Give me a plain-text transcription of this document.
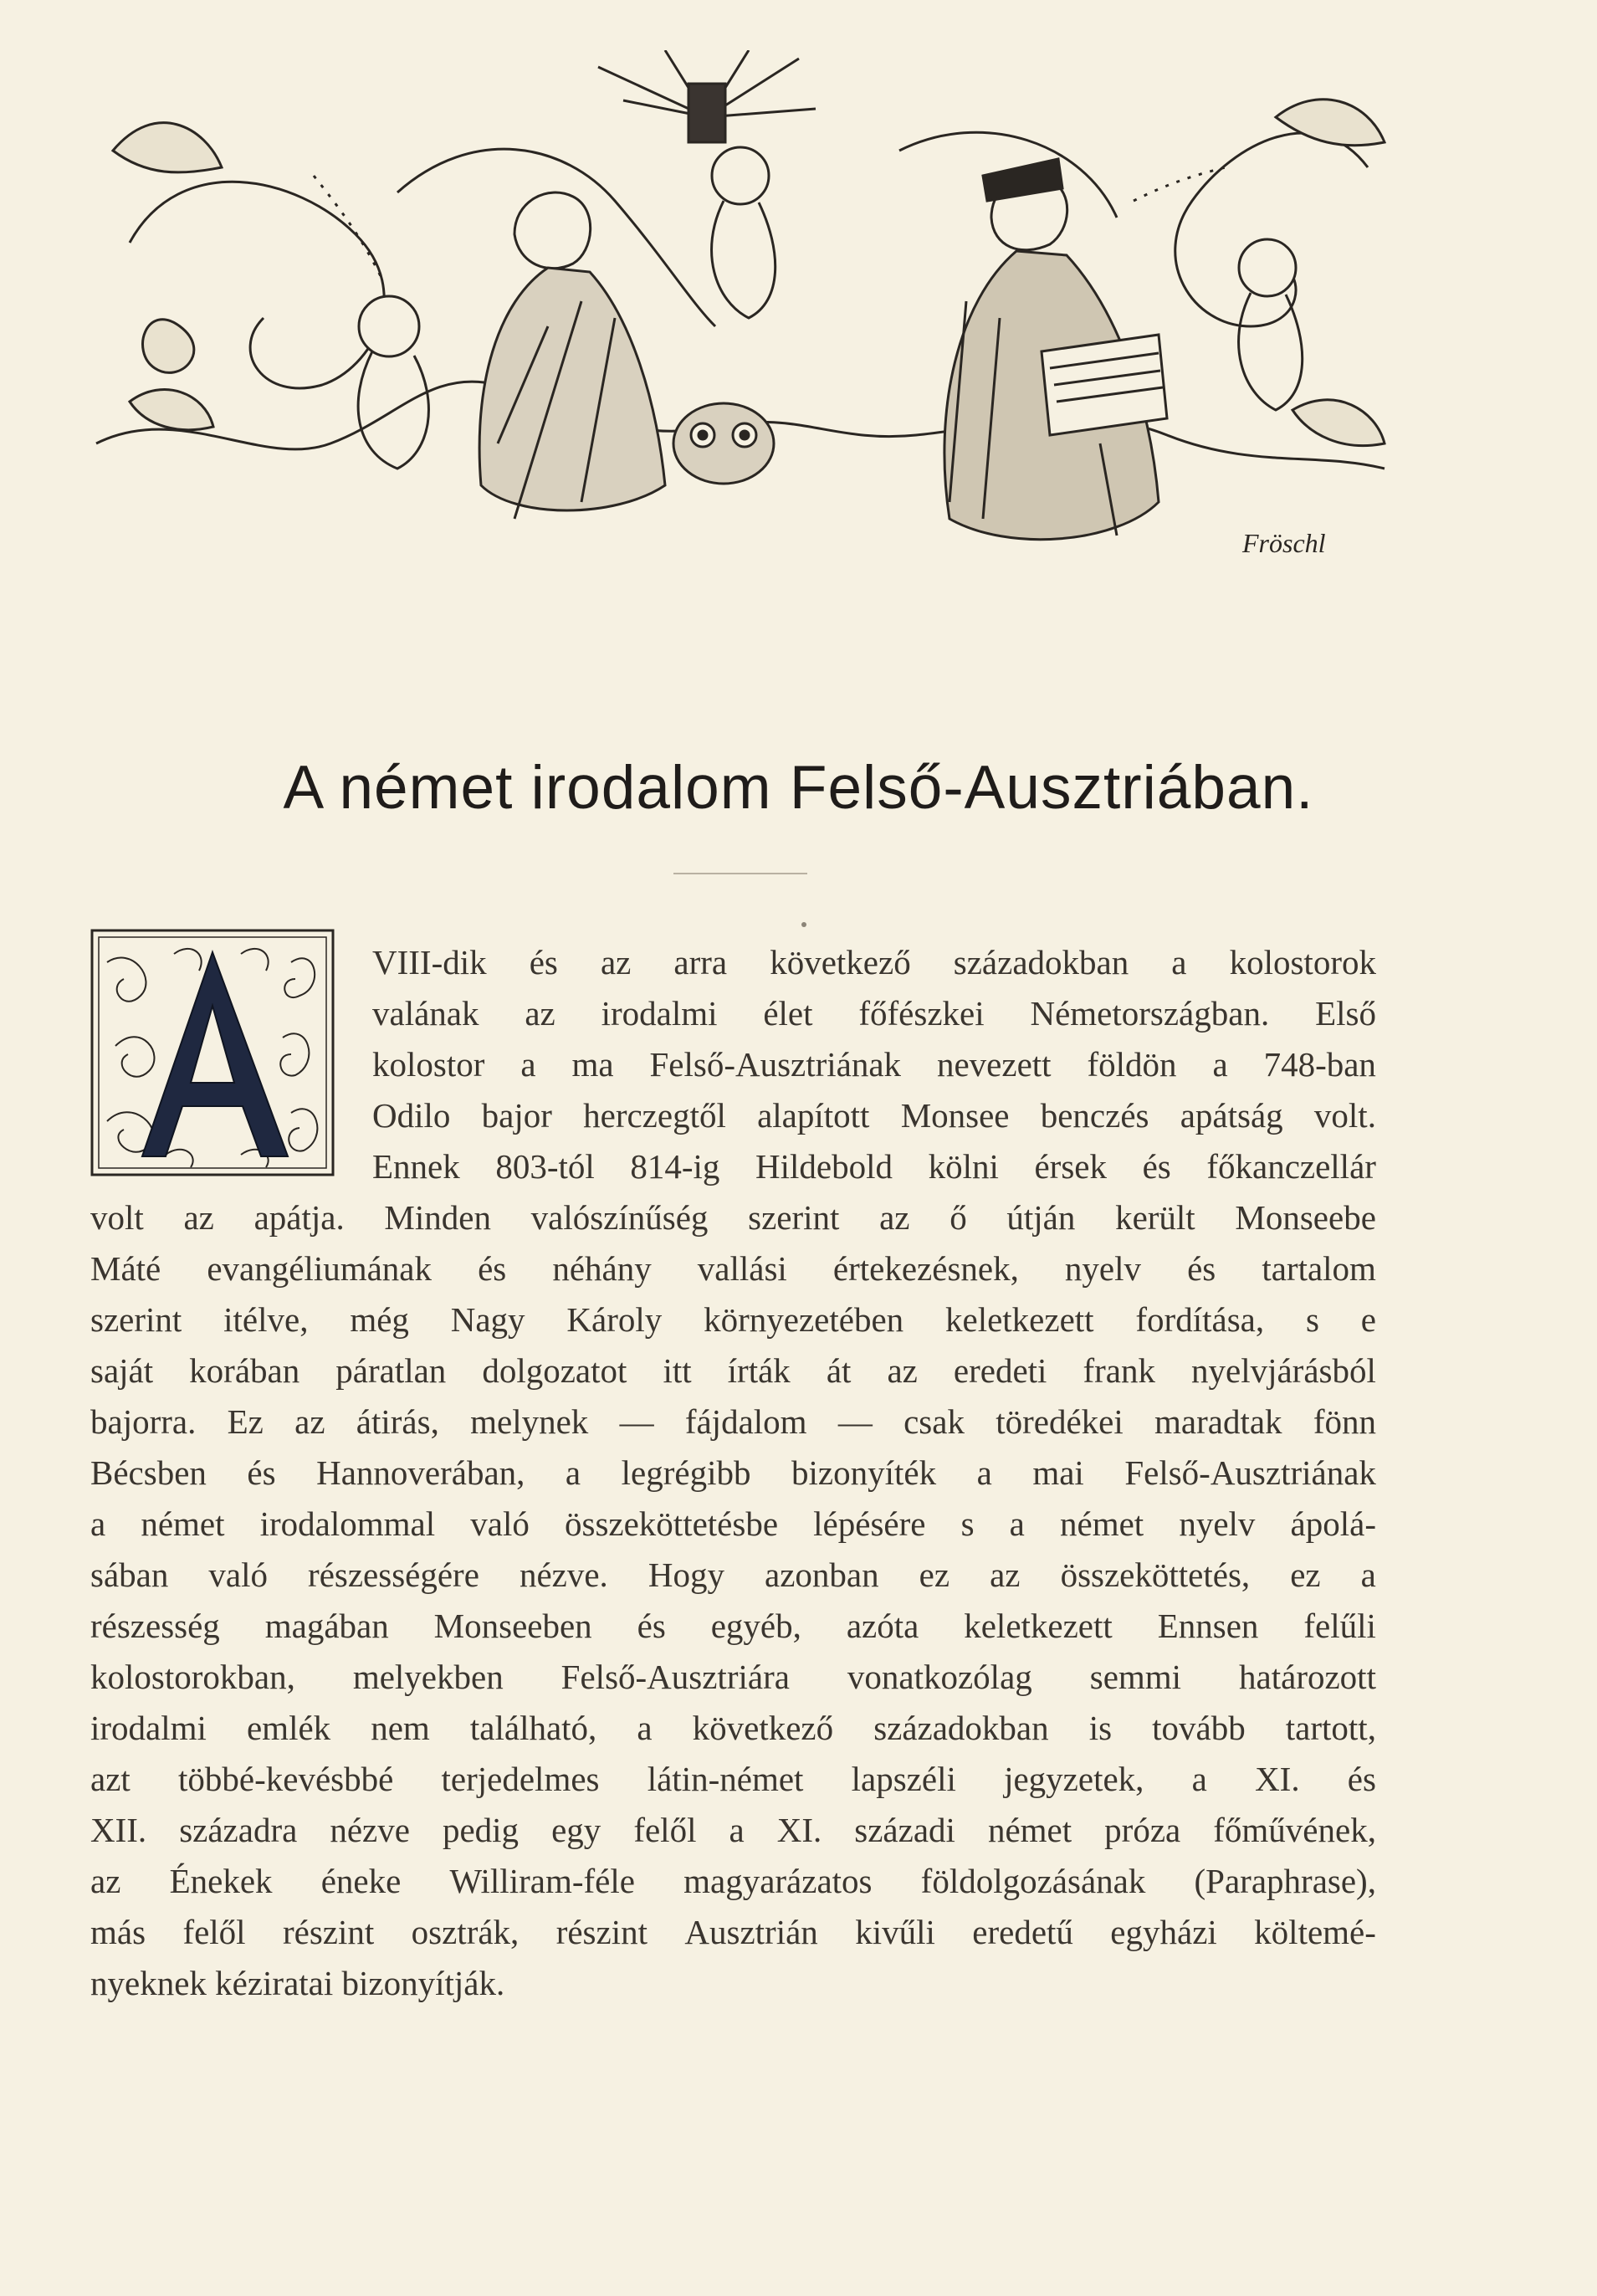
Fröschl
A német irodalom Felső-Ausztriában.
A
VIII-dik és az arra következő századokban a kolostorok
valának az irodalmi élet főfészkei Németországban. Első
kolostor a ma Felső-Ausztriának nevezett földön a 748-ban
Odilo bajor herczegtől alapított Monsee benczés apátság volt.
Ennek 803-tól 814-ig Hildebold kölni érsek és főkanczellár
volt az apátja. Minden valószínűség szerint az ő útján került Monseebe
Máté evangéliumának és néhány vallási értekezésnek, nyelv és tartalom
szerint itélve, még Nagy Károly környezetében keletkezett fordítása, s e
saját korában páratlan dolgozatot itt írták át az eredeti frank nyelvjárásból
bajorra. Ez az átirás, melynek — fájdalom — csak töredékei maradtak fönn
Bécsben és Hannoverában, a legrégibb bizonyíték a mai Felső-Ausztriának
a német irodalommal való összeköttetésbe lépésére s a német nyelv ápolá-
sában való részességére nézve. Hogy azonban ez az összeköttetés, ez a
részesség magában Monseeben és egyéb, azóta keletkezett Ennsen felűli
kolostorokban, melyekben Felső-Ausztriára vonatkozólag semmi határozott
irodalmi emlék nem található, a következő századokban is tovább tartott,
azt többé-kevésbbé terjedelmes látin-német lapszéli jegyzetek, a XI. és
XII. századra nézve pedig egy felől a XI. századi német próza főművének,
az Énekek éneke Williram-féle magyarázatos földolgozásának (Paraphrase),
más felől részint osztrák, részint Ausztrián kivűli eredetű egyházi költemé-
nyeknek kéziratai bizonyítják.
